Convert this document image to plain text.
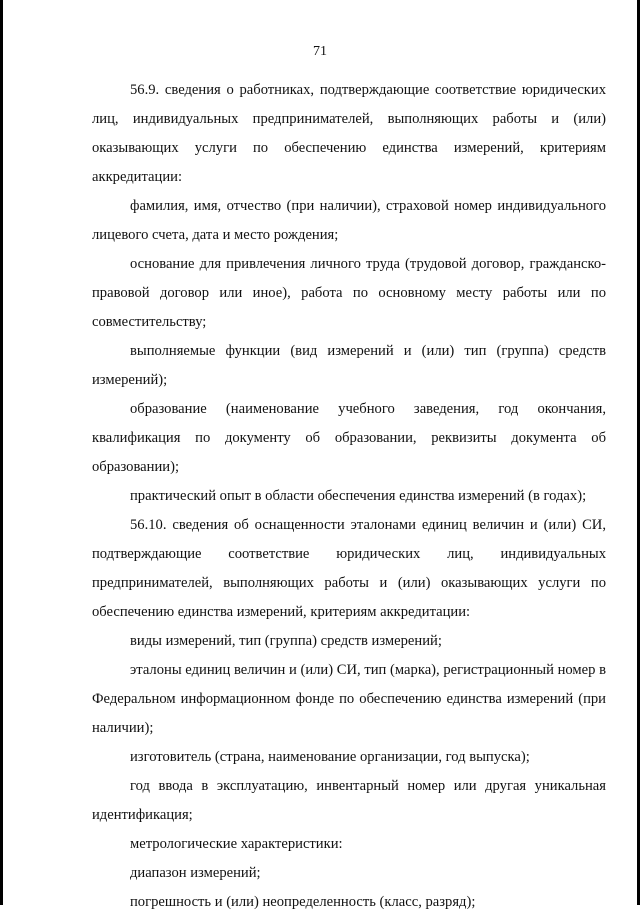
71

56.9. сведения о работниках, подтверждающие соответствие юридических лиц, индивидуальных предпринимателей, выполняющих работы и (или) оказывающих услуги по обеспечению единства измерений, критериям аккредитации:

фамилия, имя, отчество (при наличии), страховой номер индивидуального лицевого счета, дата и место рождения;

основание для привлечения личного труда (трудовой договор, гражданско-правовой договор или иное), работа по основному месту работы или по совместительству;

выполняемые функции (вид измерений и (или) тип (группа) средств измерений);

образование (наименование учебного заведения, год окончания, квалификация по документу об образовании, реквизиты документа об образовании);

практический опыт в области обеспечения единства измерений (в годах);

56.10. сведения об оснащенности эталонами единиц величин и (или) СИ, подтверждающие соответствие юридических лиц, индивидуальных предпринимателей, выполняющих работы и (или) оказывающих услуги по обеспечению единства измерений, критериям аккредитации:

виды измерений, тип (группа) средств измерений;

эталоны единиц величин и (или) СИ, тип (марка), регистрационный номер в Федеральном информационном фонде по обеспечению единства измерений (при наличии);

изготовитель (страна, наименование организации, год выпуска);

год ввода в эксплуатацию, инвентарный номер или другая уникальная идентификация;

метрологические характеристики:

диапазон измерений;

погрешность и (или) неопределенность (класс, разряд);
